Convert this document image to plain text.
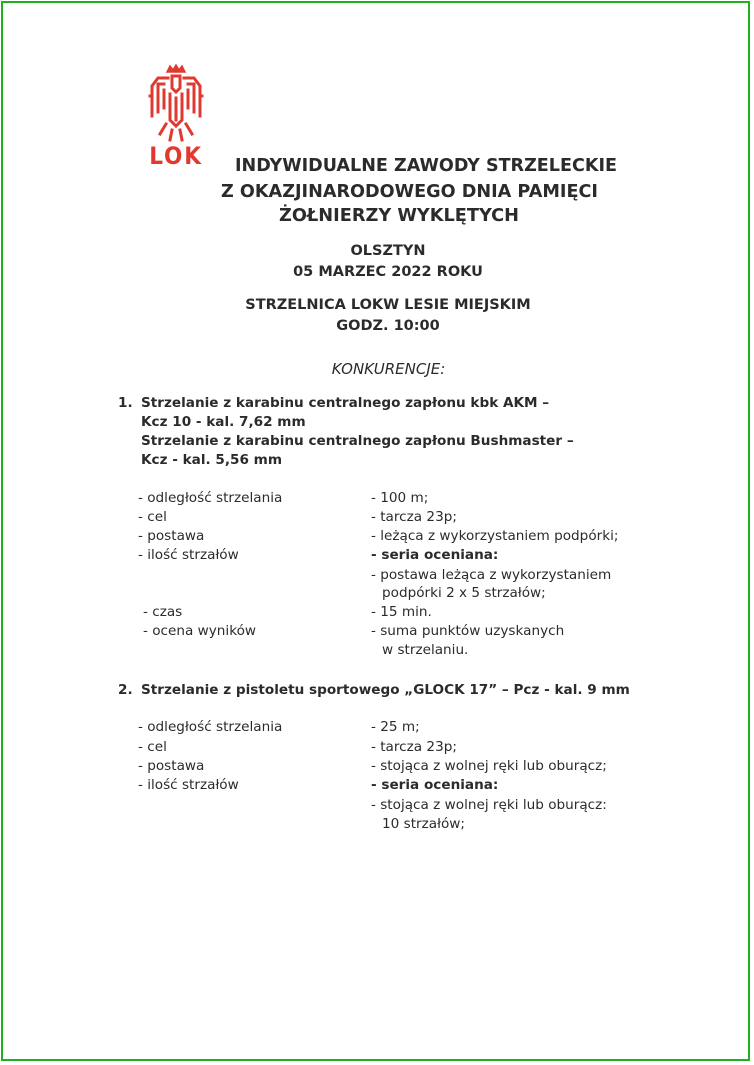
LOK INDYWIDUALNE ZAWODY STRZELECKIE
Z OKAZJINARODOWEGO DNIA PAMIĘCI
ŻOŁNIERZY WYKLĘTYCH
OLSZTYN
05 MARZEC 2022 ROKU
STRZELNICA LOKW LESIE MIEJSKIM
GODZ. 10:00
KONKURENCJE:
1. Strzelanie z karabinu centralnego zapłonu kbk AKM –
Kcz 10 - kal. 7,62 mm
Strzelanie z karabinu centralnego zapłonu Bushmaster –
Kcz - kal. 5,56 mm
- odległość strzelania	- 100 m;
- cel	- tarcza 23p;
- postawa	- leżąca z wykorzystaniem podpórki;
- ilość strzałów	- seria oceniana:
- postawa leżąca z wykorzystaniem
podpórki 2 x 5 strzałów;
- czas	- 15 min.
- ocena wyników	- suma punktów uzyskanych
w strzelaniu.
2. Strzelanie z pistoletu sportowego „GLOCK 17” – Pcz - kal. 9 mm
- odległość strzelania	- 25 m;
- cel	- tarcza 23p;
- postawa	- stojąca z wolnej ręki lub oburącz;
- ilość strzałów	- seria oceniana:
- stojąca z wolnej ręki lub oburącz:
10 strzałów;
